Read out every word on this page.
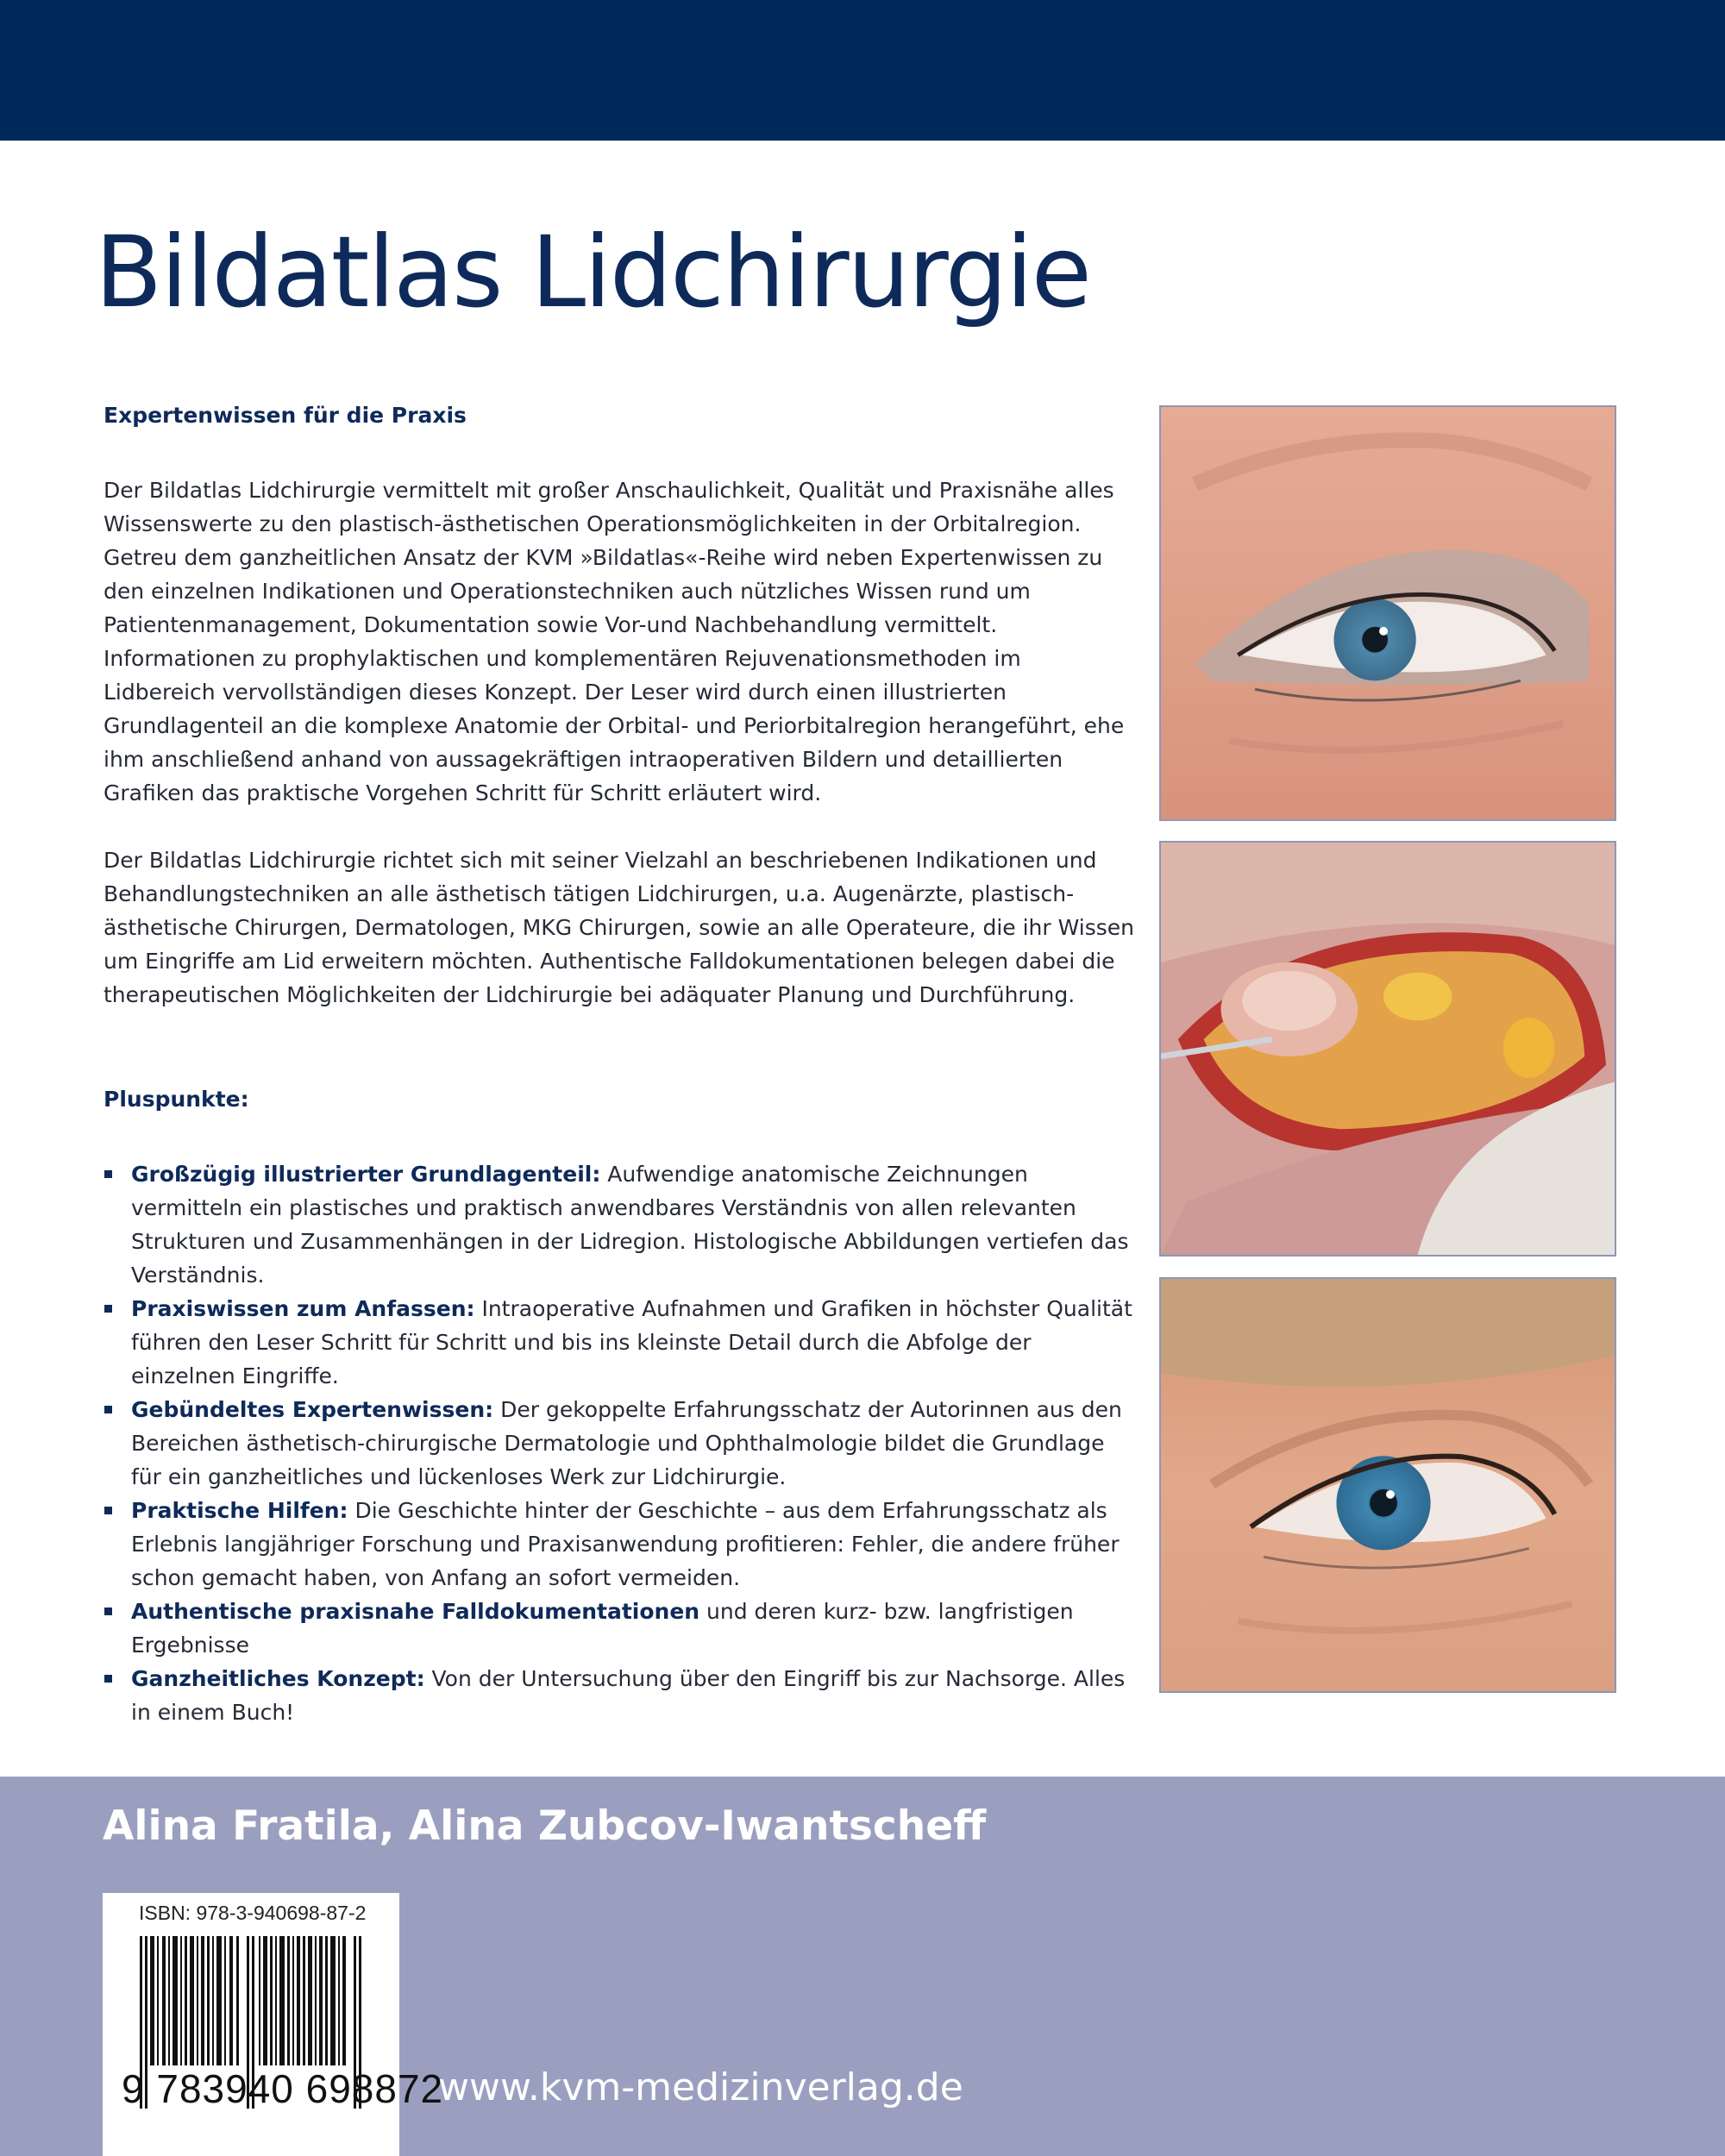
Bildatlas Lidchirurgie

Expertenwissen für die Praxis

Der Bildatlas Lidchirurgie vermittelt mit großer Anschaulichkeit, Qualität und Praxisnähe alles Wissenswerte zu den plastisch-ästhetischen Operationsmöglichkeiten in der Orbitalregion. Getreu dem ganzheitlichen Ansatz der KVM »Bildatlas«-Reihe wird neben Expertenwissen zu den einzelnen Indikationen und Operationstechniken auch nützliches Wissen rund um Patientenmanagement, Dokumentation sowie Vor-und Nachbehandlung vermittelt.

Informationen zu prophylaktischen und komplementären Rejuvenationsmethoden im Lidbereich vervollständigen dieses Konzept. Der Leser wird durch einen illustrierten Grundlagenteil an die komplexe Anatomie der Orbital- und Periorbitalregion herangeführt, ehe ihm anschließend anhand von aussagekräftigen intraoperativen Bildern und detaillierten Grafiken das praktische Vorgehen Schritt für Schritt erläutert wird.

Der Bildatlas Lidchirurgie richtet sich mit seiner Vielzahl an beschriebenen Indikationen und Behandlungstechniken an alle ästhetisch tätigen Lidchirurgen, u.a. Augenärzte, plastisch-ästhetische Chirurgen, Dermatologen, MKG Chirurgen, sowie an alle Operateure, die ihr Wissen um Eingriffe am Lid erweitern möchten. Authentische Falldokumentationen belegen dabei die therapeutischen Möglichkeiten der Lidchirurgie bei adäquater Planung und Durchführung.

Pluspunkte:

Großzügig illustrierter Grundlagenteil: Aufwendige anatomische Zeichnungen vermitteln ein plastisches und praktisch anwendbares Verständnis von allen relevanten Strukturen und Zusammenhängen in der Lidregion. Histologische Abbildungen vertiefen das Verständnis.
Praxiswissen zum Anfassen: Intraoperative Aufnahmen und Grafiken in höchster Qualität führen den Leser Schritt für Schritt und bis ins kleinste Detail durch die Abfolge der einzelnen Eingriffe.
Gebündeltes Expertenwissen: Der gekoppelte Erfahrungsschatz der Autorinnen aus den Bereichen ästhetisch-chirurgische Dermatologie und Ophthalmologie bildet die Grundlage für ein ganzheitliches und lückenloses Werk zur Lidchirurgie.
Praktische Hilfen: Die Geschichte hinter der Geschichte – aus dem Erfahrungsschatz als Erlebnis langjähriger Forschung und Praxisanwendung profitieren: Fehler, die andere früher schon gemacht haben, von Anfang an sofort vermeiden.
Authentische praxisnahe Falldokumentationen und deren kurz- bzw. langfristigen Ergebnisse
Ganzheitliches Konzept: Von der Untersuchung über den Eingriff bis zur Nachsorge. Alles in einem Buch!
Alina Fratila, Alina Zubcov-Iwantscheff
ISBN: 978-3-940698-87-2
9 783940 698872
www.kvm-medizinverlag.de
